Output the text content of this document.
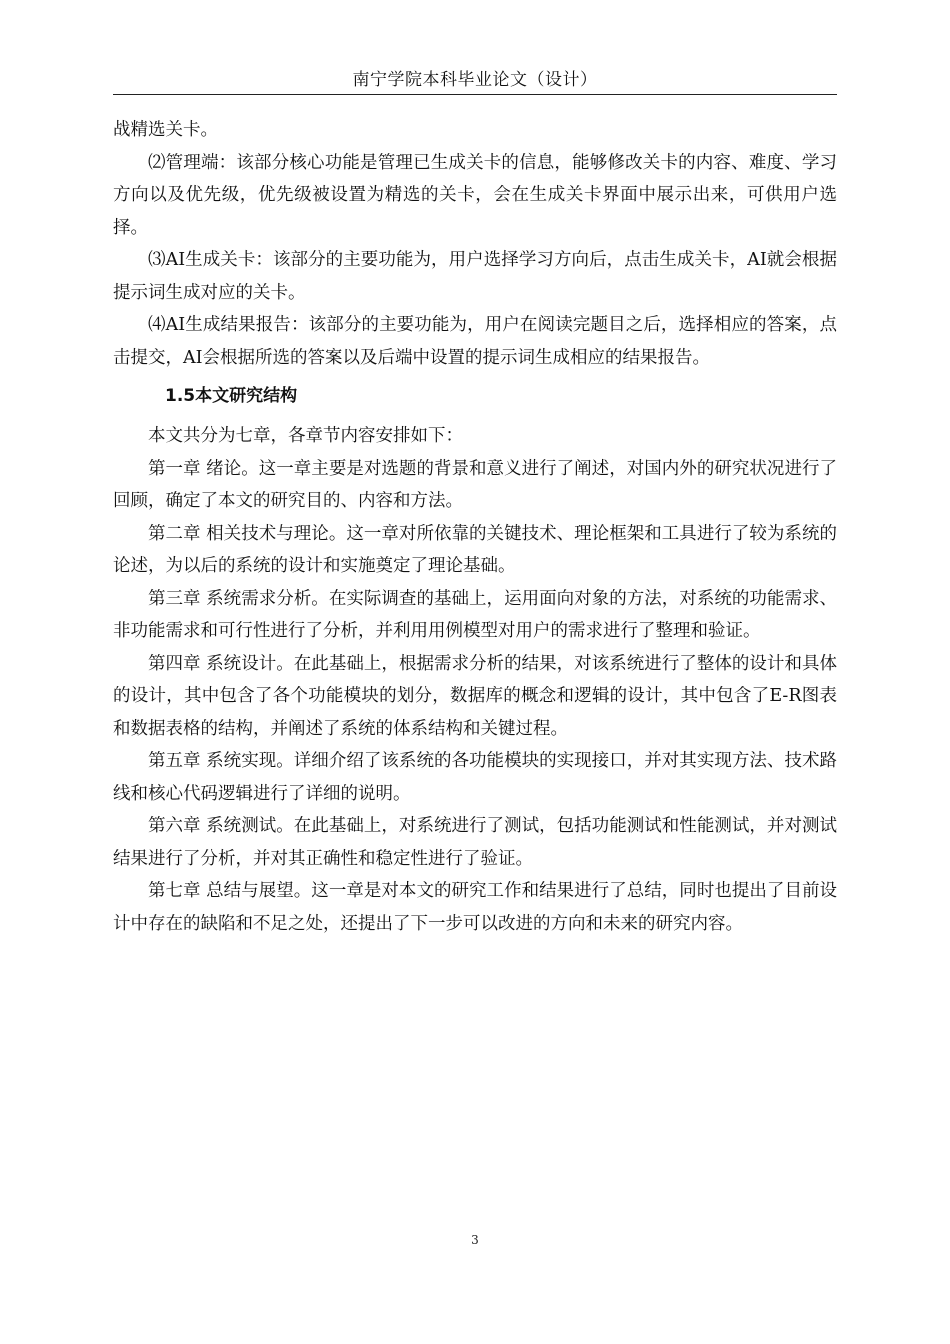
南宁学院本科毕业论文（设计）

战精选关卡。

⑵管理端：该部分核心功能是管理已生成关卡的信息，能够修改关卡的内容、难度、学习方向以及优先级，优先级被设置为精选的关卡，会在生成关卡界面中展示出来，可供用户选择。

⑶AI生成关卡：该部分的主要功能为，用户选择学习方向后，点击生成关卡，AI就会根据提示词生成对应的关卡。

⑷AI生成结果报告：该部分的主要功能为，用户在阅读完题目之后，选择相应的答案，点击提交，AI会根据所选的答案以及后端中设置的提示词生成相应的结果报告。

1.5本文研究结构

本文共分为七章，各章节内容安排如下：

第一章 绪论。这一章主要是对选题的背景和意义进行了阐述，对国内外的研究状况进行了回顾，确定了本文的研究目的、内容和方法。

第二章 相关技术与理论。这一章对所依靠的关键技术、理论框架和工具进行了较为系统的论述，为以后的系统的设计和实施奠定了理论基础。

第三章 系统需求分析。在实际调查的基础上，运用面向对象的方法，对系统的功能需求、非功能需求和可行性进行了分析，并利用用例模型对用户的需求进行了整理和验证。

第四章 系统设计。在此基础上，根据需求分析的结果，对该系统进行了整体的设计和具体的设计，其中包含了各个功能模块的划分，数据库的概念和逻辑的设计，其中包含了E-R图表和数据表格的结构，并阐述了系统的体系结构和关键过程。

第五章 系统实现。详细介绍了该系统的各功能模块的实现接口，并对其实现方法、技术路线和核心代码逻辑进行了详细的说明。

第六章 系统测试。在此基础上，对系统进行了测试，包括功能测试和性能测试，并对测试结果进行了分析，并对其正确性和稳定性进行了验证。

第七章 总结与展望。这一章是对本文的研究工作和结果进行了总结，同时也提出了目前设计中存在的缺陷和不足之处，还提出了下一步可以改进的方向和未来的研究内容。

3
